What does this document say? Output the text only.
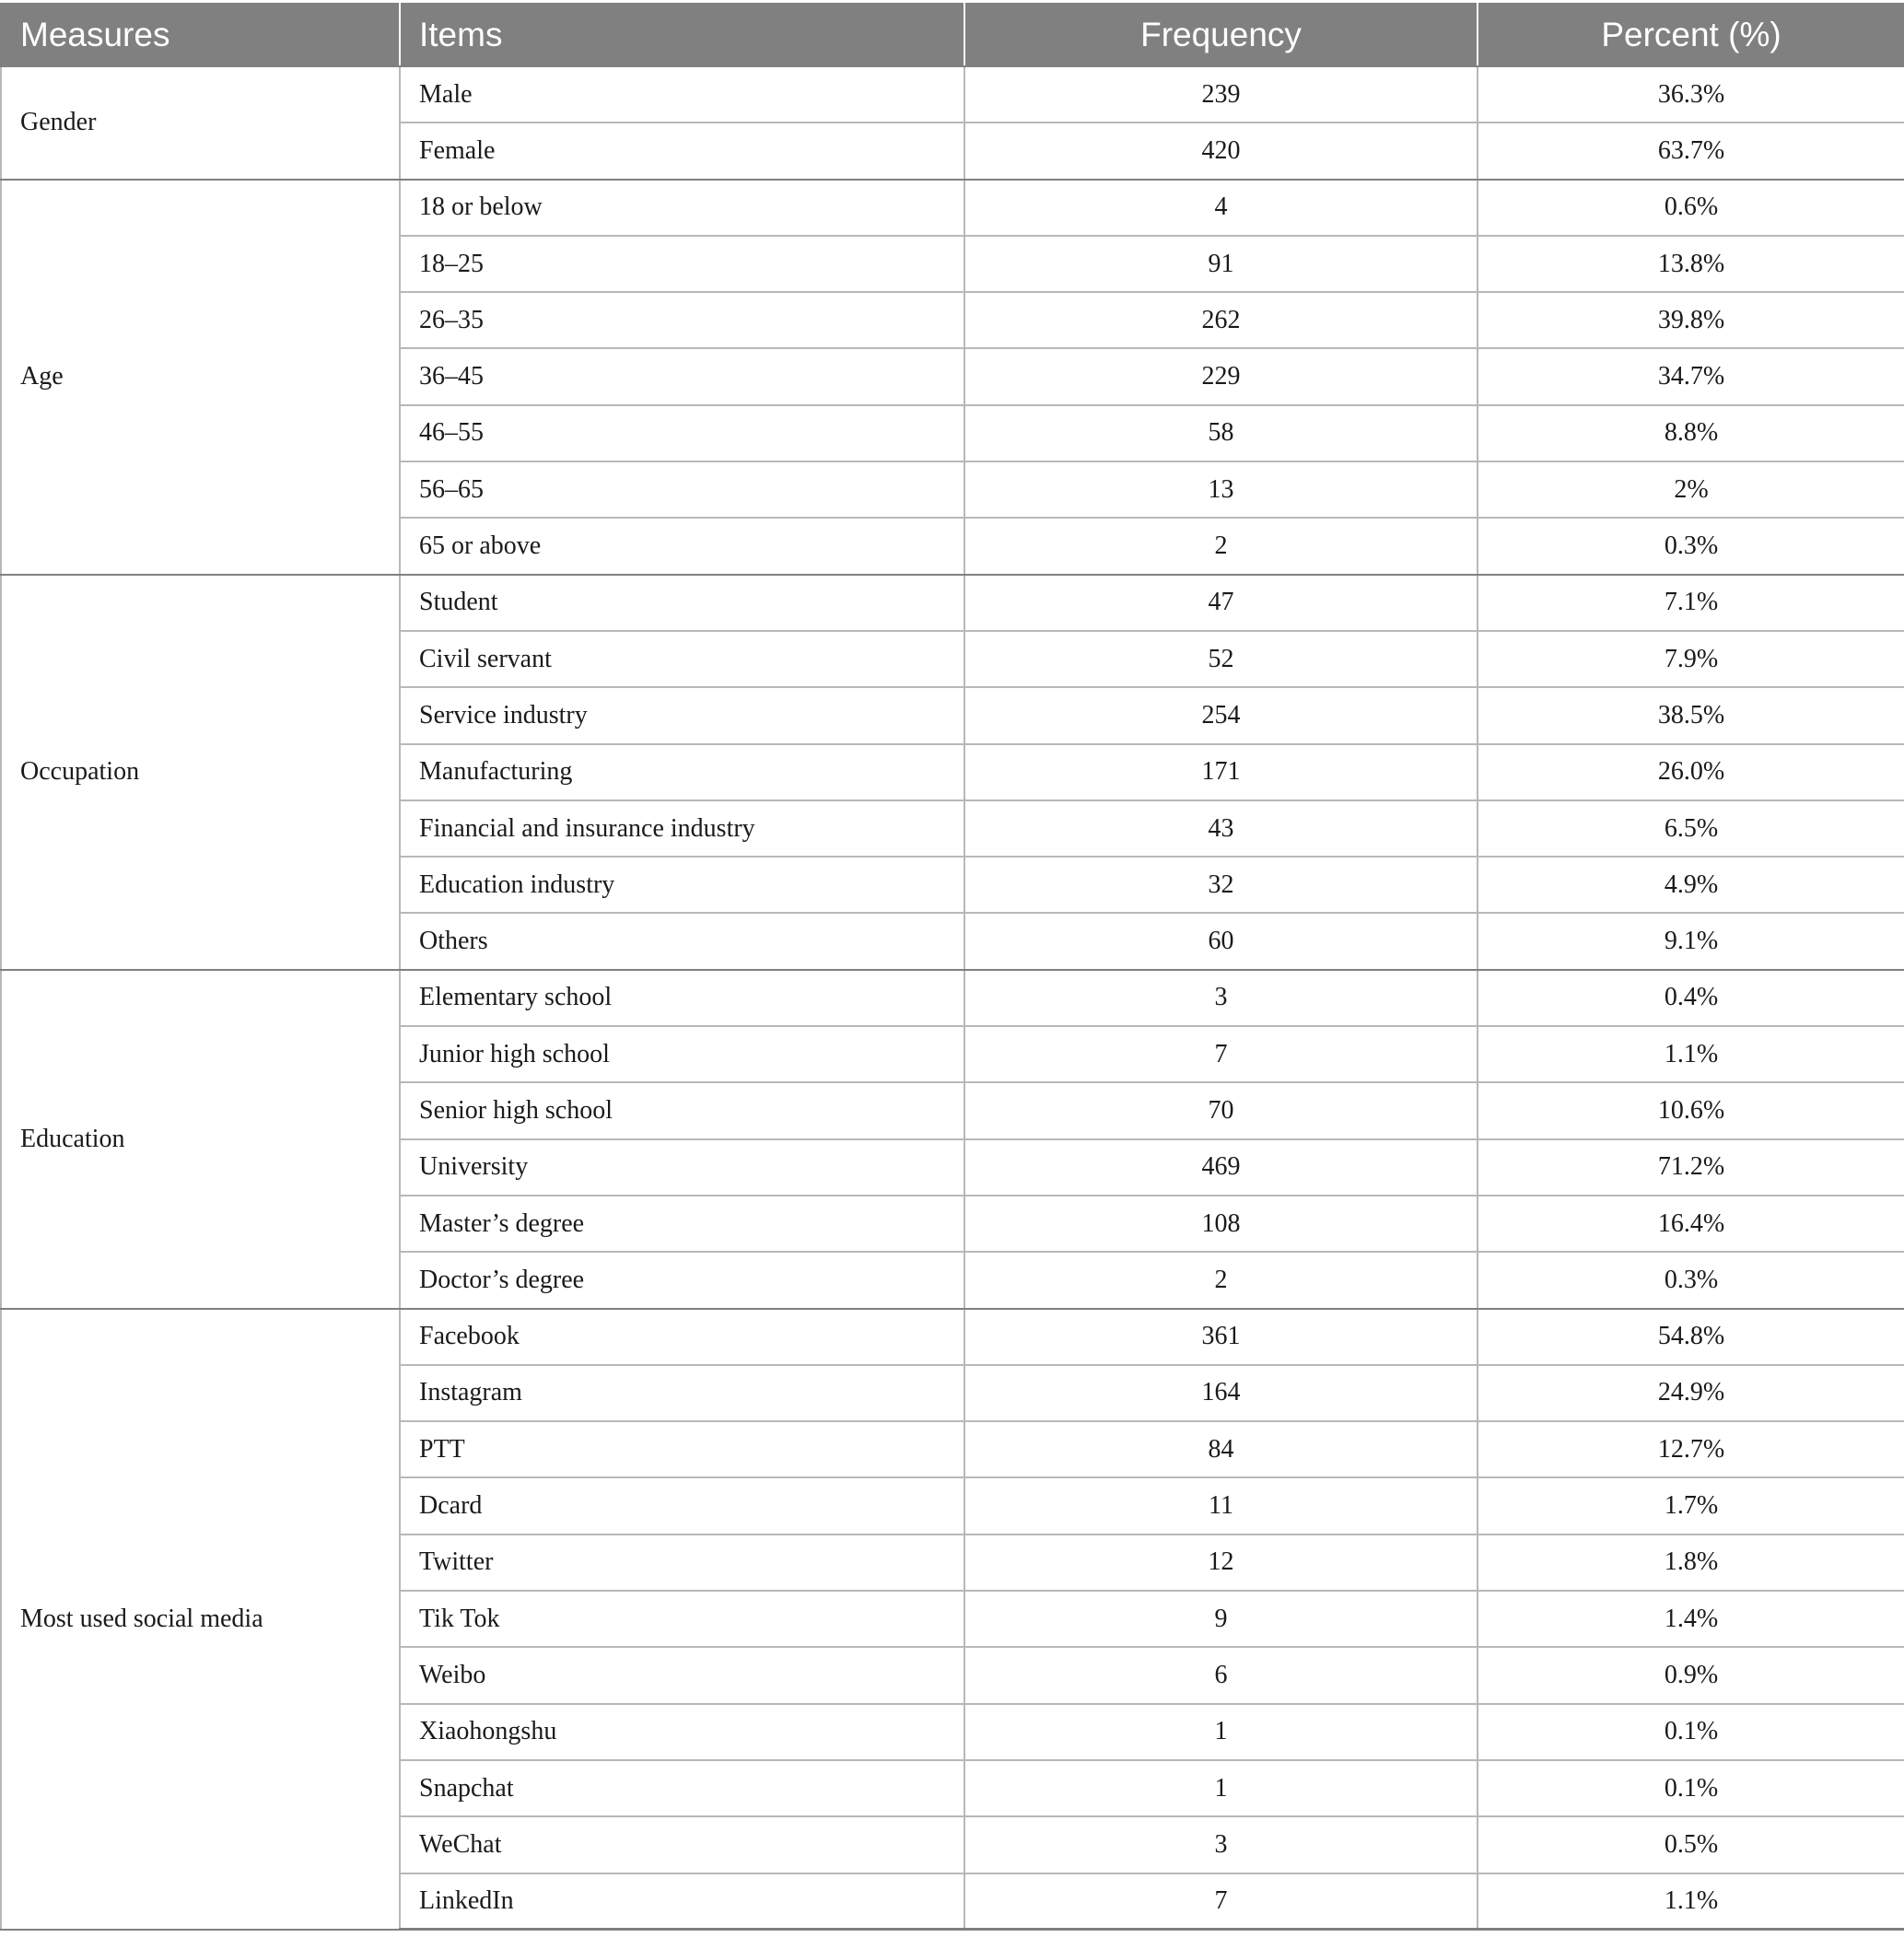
Measures	Items	Frequency	Percent (%)
Gender	Male	239	36.3%
	Female	420	63.7%
Age	18 or below	4	0.6%
	18–25	91	13.8%
	26–35	262	39.8%
	36–45	229	34.7%
	46–55	58	8.8%
	56–65	13	2%
	65 or above	2	0.3%
Occupation	Student	47	7.1%
	Civil servant	52	7.9%
	Service industry	254	38.5%
	Manufacturing	171	26.0%
	Financial and insurance industry	43	6.5%
	Education industry	32	4.9%
	Others	60	9.1%
Education	Elementary school	3	0.4%
	Junior high school	7	1.1%
	Senior high school	70	10.6%
	University	469	71.2%
	Master’s degree	108	16.4%
	Doctor’s degree	2	0.3%
Most used social media	Facebook	361	54.8%
	Instagram	164	24.9%
	PTT	84	12.7%
	Dcard	11	1.7%
	Twitter	12	1.8%
	Tik Tok	9	1.4%
	Weibo	6	0.9%
	Xiaohongshu	1	0.1%
	Snapchat	1	0.1%
	WeChat	3	0.5%
	LinkedIn	7	1.1%
